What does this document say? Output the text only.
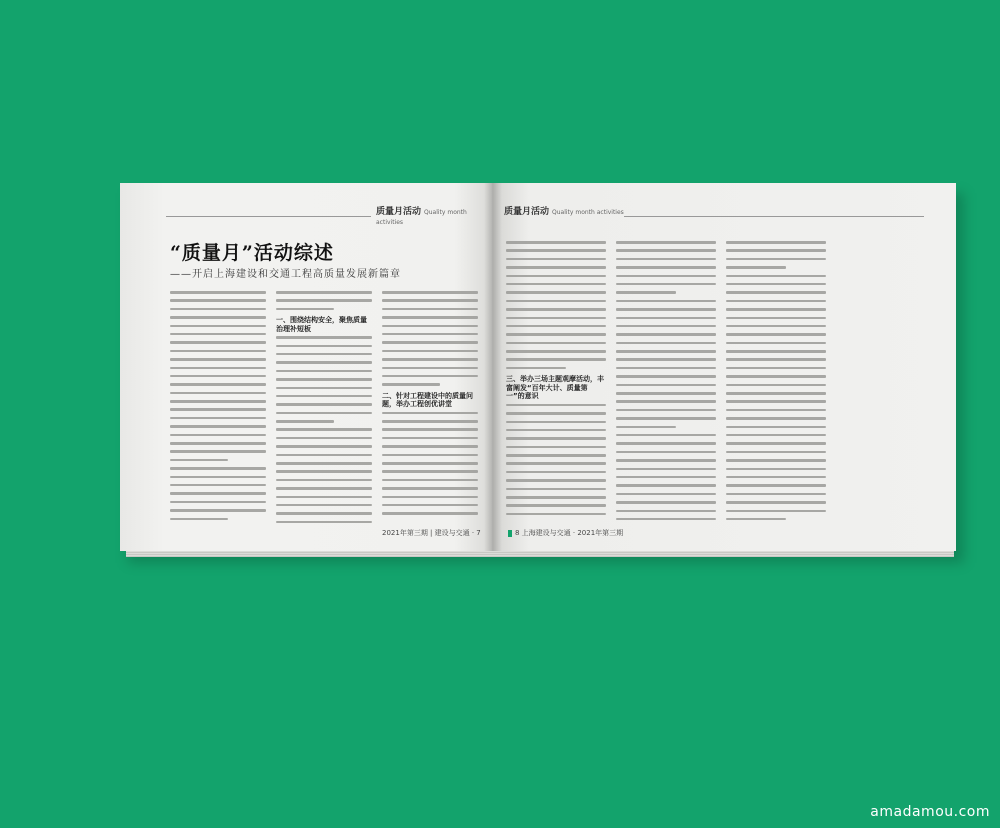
质量月活动 Quality month activities
“质量月”活动综述
——开启上海建设和交通工程高质量发展新篇章
一、围绕结构安全，聚焦质量治理补短板
二、针对工程建设中的质量问题，举办工程创优讲堂
2021年第三期 | 建设与交通 · 7
质量月活动 Quality month activities
三、举办三场主题观摩活动，丰富阐发“百年大计、质量第一”的意识
8 上海建设与交通 · 2021年第三期
amadamou.com
